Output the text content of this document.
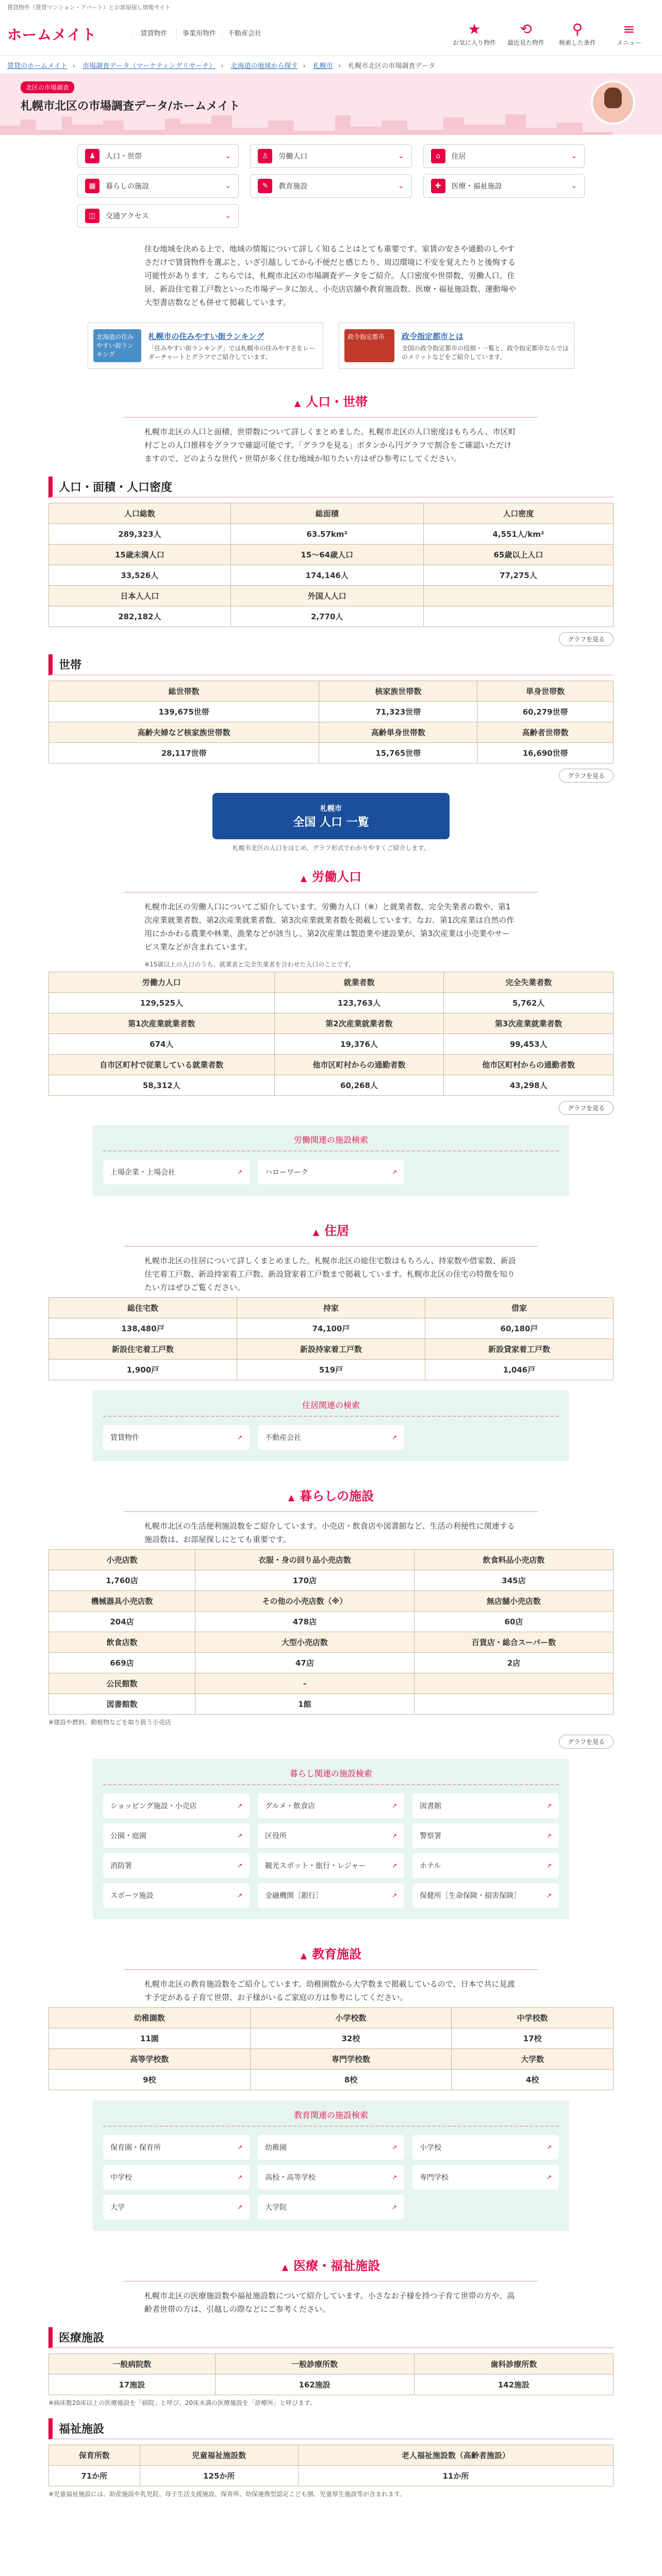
賃貸物件（賃貸マンション・アパート）とお部屋探し情報サイト
ホームメイト	賃貸物件	事業用物件	不動産会社	★
お気に入り物件
⟲
最近見た物件
⚲
検索した条件
≡
メニュー
賃貸のホームメイト › 市場調査データ（マーケティングリサーチ） › 北海道の地域から探す › 札幌市 › 札幌市北区の市場調査データ
北区の市場調査
札幌市北区の市場調査データ/ホームメイト
♟	人口・世帯	⌄	♙	労働人口	⌄	⌂	住居	⌄
▦	暮らしの施設	⌄	✎	教育施設	⌄	✚	医療・福祉施設	⌄
◫	交通アクセス	⌄

住む地域を決める上で、地域の情報について詳しく知ることはとても重要です。家賃の安さや通勤のしやすさだけで賃貸物件を選ぶと、いざ引越ししてから不便だと感じたり、周辺環境に不安を覚えたりと後悔する可能性があります。こちらでは、札幌市北区の市場調査データをご紹介。人口密度や世帯数、労働人口、住居、新設住宅着工戸数といった市場データに加え、小売店店舗や教育施設数、医療・福祉施設数、運動場や大型書店数なども併せて掲載しています。

北海道の住みやすい街ランキング
札幌市の住みやすい街ランキング
「住みやすい街ランキング」では札幌市の住みやすさをレーダーチャートとグラフでご紹介しています。
政令指定都市	政令指定都市とは
全国の政令指定都市の役割・一覧と、政令指定都市ならではのメリットなどをご紹介しています。
▲ 人口・世帯

札幌市北区の人口と面積、世帯数について詳しくまとめました。札幌市北区の人口密度はもちろん、市区町村ごとの人口推移をグラフで確認可能です。「グラフを見る」ボタンから円グラフで割合をご確認いただけますので、どのような世代・世帯が多く住む地域か知りたい方はぜひ参考にしてください。

人口・面積・人口密度
人口総数	総面積	人口密度
289,323人	63.57km²	4,551人/km²
15歳未満人口	15〜64歳人口	65歳以上人口
33,526人	174,146人	77,275人
日本人人口	外国人人口	
282,182人	2,770人	
グラフを見る
世帯
総世帯数	核家族世帯数	単身世帯数
139,675世帯	71,323世帯	60,279世帯
高齢夫婦など核家族世帯数	高齢単身世帯数	高齢者世帯数
28,117世帯	15,765世帯	16,690世帯
グラフを見る
札幌市
全国 人口 一覧
札幌市北区の人口をはじめ、グラフ形式でわかりやすくご紹介します。
▲ 労働人口

札幌市北区の労働人口についてご紹介しています。労働力人口（※）と就業者数、完全失業者の数や、第1次産業就業者数、第2次産業就業者数、第3次産業就業者数を掲載しています。なお、第1次産業は自然の作用にかかわる農業や林業、漁業などが該当し、第2次産業は製造業や建設業が、第3次産業は小売業やサービス業などが含まれています。

※15歳以上の人口のうち、就業者と完全失業者を合わせた人口のことです。

労働力人口	就業者数	完全失業者数
129,525人	123,763人	5,762人
第1次産業就業者数	第2次産業就業者数	第3次産業就業者数
674人	19,376人	99,453人
自市区町村で従業している就業者数	他市区町村からの通勤者数	他市区町村からの通勤者数
58,312人	60,268人	43,298人
グラフを見る
労働関連の施設検索
上場企業・上場会社	↗	ハローワーク	↗
▲ 住居

札幌市北区の住居について詳しくまとめました。札幌市北区の総住宅数はもちろん、持家数や借家数、新設住宅着工戸数、新設持家着工戸数、新設貸家着工戸数まで掲載しています。札幌市北区の住宅の特徴を知りたい方はぜひご覧ください。

総住宅数	持家	借家
138,480戸	74,100戸	60,180戸
新設住宅着工戸数	新設持家着工戸数	新設貸家着工戸数
1,900戸	519戸	1,046戸
住居関連の検索
賃貸物件	↗	不動産会社	↗
▲ 暮らしの施設

札幌市北区の生活便利施設数をご紹介しています。小売店・飲食店や図書館など、生活の利便性に関連する施設数は、お部屋探しにとても重要です。

小売店数	衣服・身の回り品小売店数	飲食料品小売店数
1,760店	170店	345店
機械器具小売店数	その他の小売店数（※）	無店舗小売店数
204店	478店	60店
飲食店数	大型小売店数	百貨店・総合スーパー数
669店	47店	2店
公民館数	-	
図書館数	1館	

※建設や燃料、動植物などを取り扱う小売店

グラフを見る
暮らし関連の施設検索
ショッピング施設・小売店	↗	グルメ・飲食店	↗	図書館	↗
公園・庭園	↗	区役所	↗	警察署	↗
消防署	↗	観光スポット・旅行・レジャー	↗	ホテル	↗
スポーツ施設	↗	金融機関［銀行］	↗	保健所［生命保険・損害保険］	↗
▲ 教育施設

札幌市北区の教育施設数をご紹介しています。幼稚園数から大学数まで掲載しているので、日本で共に見渡す予定がある子育て世帯、お子様がいるご家庭の方は参考にしてください。

幼稚園数	小学校数	中学校数
11園	32校	17校
高等学校数	専門学校数	大学数
9校	8校	4校
教育関連の施設検索
保育園・保育所	↗	幼稚園	↗	小学校	↗
中学校	↗	高校・高等学校	↗	専門学校	↗
大学	↗	大学院	↗
▲ 医療・福祉施設

札幌市北区の医療施設数や福祉施設数について紹介しています。小さなお子様を持つ子育て世帯の方や、高齢者世帯の方は、引越しの際などにご参考ください。

医療施設
一般病院数	一般診療所数	歯科診療所数
17施設	162施設	142施設

※病床数20床以上の医療施設を「病院」と呼び、20床未満の医療施設を「診療所」と呼びます。

福祉施設
保育所数	児童福祉施設数	老人福祉施設数（高齢者施設）
71か所	125か所	11か所

※児童福祉施設には、助産施設や乳児院、母子生活支援施設、保育所、幼保連携型認定こども園、児童厚生施設等が含まれます。
